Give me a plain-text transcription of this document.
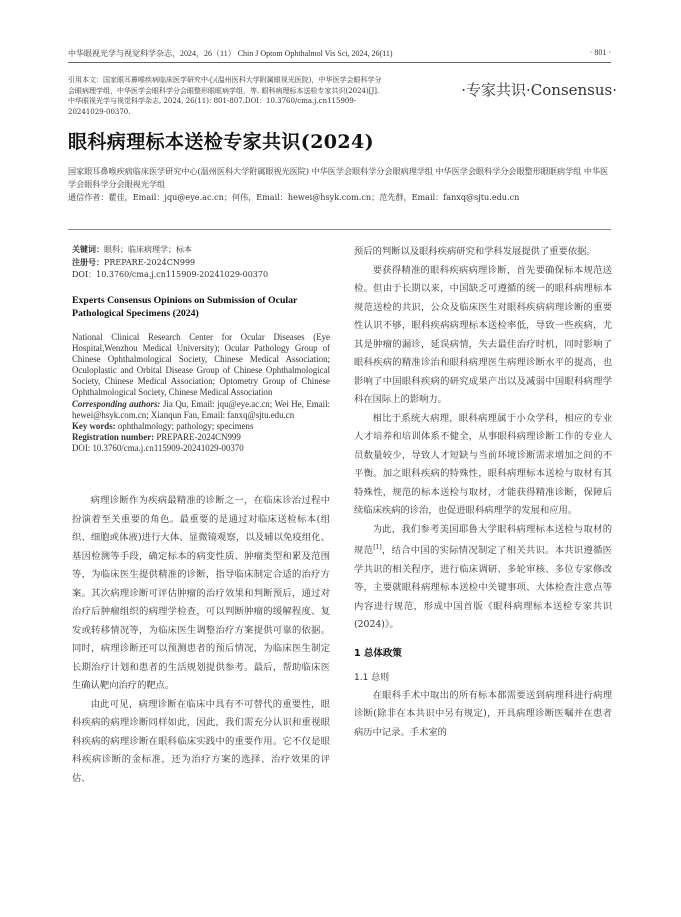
中华眼视光学与视觉科学杂志，2024，26（11） Chin J Optom Ophthalmol Vis Sci, 2024, 26(11)	· 801 ·
引用本文：国家眼耳鼻喉疾病临床医学研究中心(温州医科大学附属眼视光医院)，中华医学会眼科学分会眼病理学组，中华医学会眼科学分会眼整形眼眶病学组，等. 眼科病理标本送检专家共识(2024)[J]. 中华眼视光学与视觉科学杂志, 2024, 26(11): 801-807.DOI：10.3760/cma.j.cn115909-20241029-00370.
·专家共识·Consensus·
眼科病理标本送检专家共识(2024)
国家眼耳鼻喉疾病临床医学研究中心(温州医科大学附属眼视光医院) 中华医学会眼科学分会眼病理学组 中华医学会眼科学分会眼整形眼眶病学组 中华医学会眼科学分会眼视光学组
通信作者：瞿佳，Email：jqu@eye.ac.cn；何伟，Email：hewei@hsyk.com.cn；范先群，Email：fanxq@sjtu.edu.cn
关键词：眼科；临床病理学；标本
注册号：PREPARE-2024CN999
DOI：10.3760/cma.j.cn115909-20241029-00370
Experts Consensus Opinions on Submission of Ocular Pathological Specimens (2024)
National Clinical Research Center for Ocular Diseases (Eye Hospital,Wenzhou Medical University); Ocular Pathology Group of Chinese Ophthalmological Society, Chinese Medical Association; Oculoplastic and Orbital Disease Group of Chinese Ophthalmological Society, Chinese Medical Association; Optometry Group of Chinese Ophthalmological Society, Chinese Medical Association
Corresponding authors: Jia Qu, Email: jqu@eye.ac.cn; Wei He, Email: hewei@hsyk.com.cn; Xianqun Fan, Email: fanxq@sjtu.edu.cn
Key words: ophthalmology; pathology; specimens
Registration number: PREPARE-2024CN999
DOI: 10.3760/cma.j.cn115909-20241029-00370

病理诊断作为疾病最精准的诊断之一，在临床诊治过程中扮演着至关重要的角色。最重要的是通过对临床送检标本(组织、细胞或体液)进行大体、显微镜观察，以及辅以免疫组化、基因检测等手段，确定标本的病变性质、肿瘤类型和累及范围等，为临床医生提供精准的诊断，指导临床制定合适的治疗方案。其次病理诊断可评估肿瘤的治疗效果和判断预后，通过对治疗后肿瘤组织的病理学检查，可以判断肿瘤的缓解程度、复发或转移情况等，为临床医生调整治疗方案提供可靠的依据。同时，病理诊断还可以预测患者的预后情况，为临床医生制定长期治疗计划和患者的生活规划提供参考。最后，帮助临床医生确认靶向治疗的靶点。

由此可见，病理诊断在临床中具有不可替代的重要性，眼科疾病的病理诊断同样如此，因此，我们需充分认识和重视眼科疾病的病理诊断在眼科临床实践中的重要作用。它不仅是眼科疾病诊断的金标准，还为治疗方案的选择、治疗效果的评估、

预后的判断以及眼科疾病研究和学科发展提供了重要依据。

要获得精准的眼科疾病病理诊断，首先要确保标本规范送检。但由于长期以来，中国缺乏可遵循的统一的眼科病理标本规范送检的共识，公众及临床医生对眼科疾病病理诊断的重要性认识不够，眼科疾病病理标本送检率低，导致一些疾病，尤其是肿瘤的漏诊，延误病情，失去最佳治疗时机，同时影响了眼科疾病的精准诊治和眼科病理医生病理诊断水平的提高，也影响了中国眼科疾病的研究成果产出以及减弱中国眼科病理学科在国际上的影响力。

相比于系统大病理，眼科病理属于小众学科，相应的专业人才培养和培训体系不健全，从事眼科病理诊断工作的专业人员数量较少，导致人才短缺与当前环境诊断需求增加之间的不平衡。加之眼科疾病的特殊性，眼科病理标本送检与取材有其特殊性，规范的标本送检与取材，才能获得精准诊断，保障后续临床疾病的诊治，也促进眼科病理学的发展和应用。

为此，我们参考美国耶鲁大学眼科病理标本送检与取材的规范[1]，结合中国的实际情况制定了相关共识。本共识遵循医学共识的相关程序，进行临床调研、多轮审核、多位专家修改等，主要就眼科病理标本送检中关键事项、大体检查注意点等内容进行规范，形成中国首版《眼科病理标本送检专家共识(2024)》。

1 总体政策
1.1 总则

在眼科手术中取出的所有标本都需要送到病理科进行病理诊断(除非在本共识中另有规定)，开具病理诊断医嘱并在患者病历中记录。手术室的
